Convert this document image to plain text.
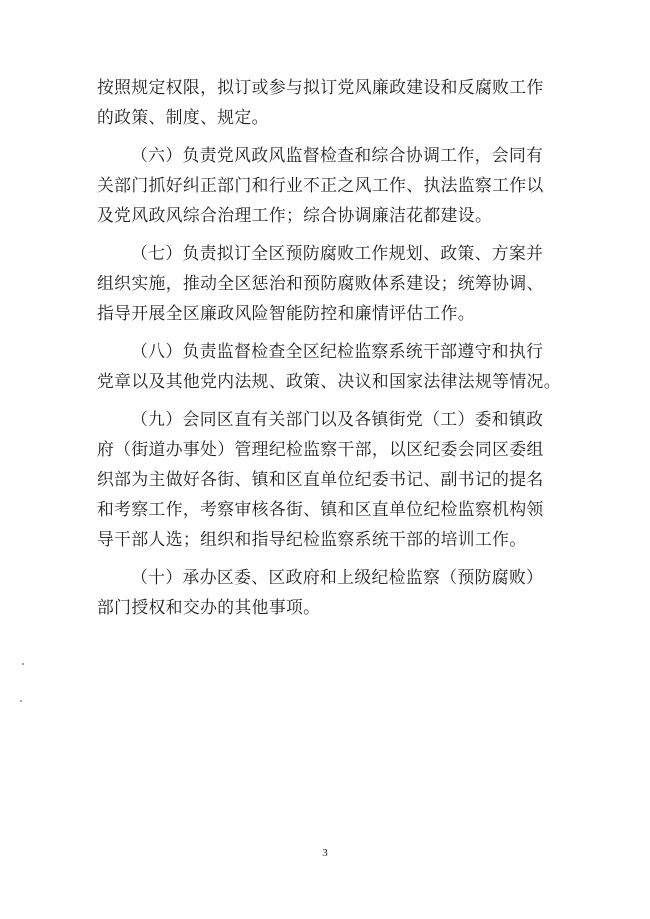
按照规定权限，拟订或参与拟订党风廉政建设和反腐败工作
的政策、制度、规定。
（六）负责党风政风监督检查和综合协调工作，会同有
关部门抓好纠正部门和行业不正之风工作、执法监察工作以
及党风政风综合治理工作；综合协调廉洁花都建设。
（七）负责拟订全区预防腐败工作规划、政策、方案并
组织实施，推动全区惩治和预防腐败体系建设；统筹协调、
指导开展全区廉政风险智能防控和廉情评估工作。
（八）负责监督检查全区纪检监察系统干部遵守和执行
党章以及其他党内法规、政策、决议和国家法律法规等情况。
（九）会同区直有关部门以及各镇街党（工）委和镇政
府（街道办事处）管理纪检监察干部，以区纪委会同区委组
织部为主做好各街、镇和区直单位纪委书记、副书记的提名
和考察工作，考察审核各街、镇和区直单位纪检监察机构领
导干部人选；组织和指导纪检监察系统干部的培训工作。
（十）承办区委、区政府和上级纪检监察（预防腐败）
部门授权和交办的其他事项。
3
